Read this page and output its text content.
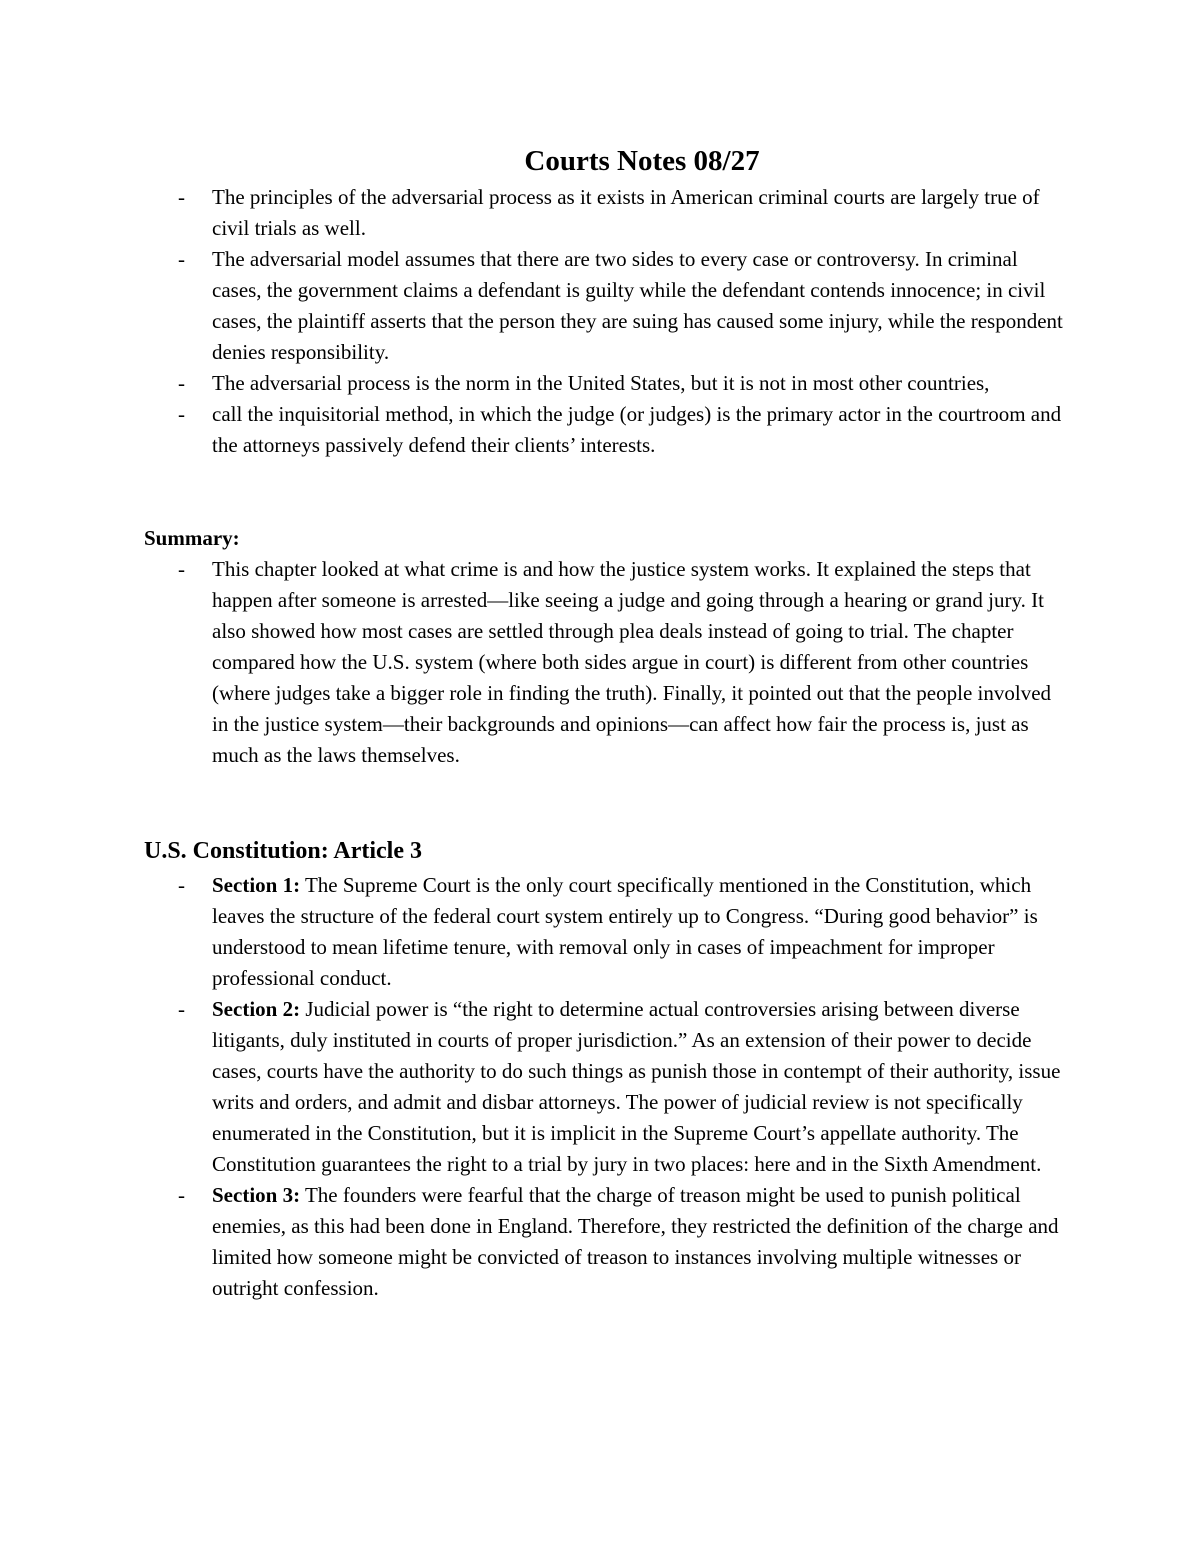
Courts Notes 08/27
- The principles of the adversarial process as it exists in American criminal courts are largely true of civil trials as well.
- The adversarial model assumes that there are two sides to every case or controversy. In criminal cases, the government claims a defendant is guilty while the defendant contends innocence; in civil cases, the plaintiff asserts that the person they are suing has caused some injury, while the respondent denies responsibility.
- The adversarial process is the norm in the United States, but it is not in most other countries,
- call the inquisitorial method, in which the judge (or judges) is the primary actor in the courtroom and the attorneys passively defend their clients’ interests.

Summary:

- This chapter looked at what crime is and how the justice system works. It explained the steps that happen after someone is arrested—like seeing a judge and going through a hearing or grand jury. It also showed how most cases are settled through plea deals instead of going to trial. The chapter compared how the U.S. system (where both sides argue in court) is different from other countries (where judges take a bigger role in finding the truth). Finally, it pointed out that the people involved in the justice system—their backgrounds and opinions—can affect how fair the process is, just as much as the laws themselves.
U.S. Constitution: Article 3
- Section 1: The Supreme Court is the only court specifically mentioned in the Constitution, which leaves the structure of the federal court system entirely up to Congress. “During good behavior” is understood to mean lifetime tenure, with removal only in cases of impeachment for improper professional conduct.
- Section 2: Judicial power is “the right to determine actual controversies arising between diverse litigants, duly instituted in courts of proper jurisdiction.” As an extension of their power to decide cases, courts have the authority to do such things as punish those in contempt of their authority, issue writs and orders, and admit and disbar attorneys. The power of judicial review is not specifically enumerated in the Constitution, but it is implicit in the Supreme Court’s appellate authority. The Constitution guarantees the right to a trial by jury in two places: here and in the Sixth Amendment.
- Section 3: The founders were fearful that the charge of treason might be used to punish political enemies, as this had been done in England. Therefore, they restricted the definition of the charge and limited how someone might be convicted of treason to instances involving multiple witnesses or outright confession.
